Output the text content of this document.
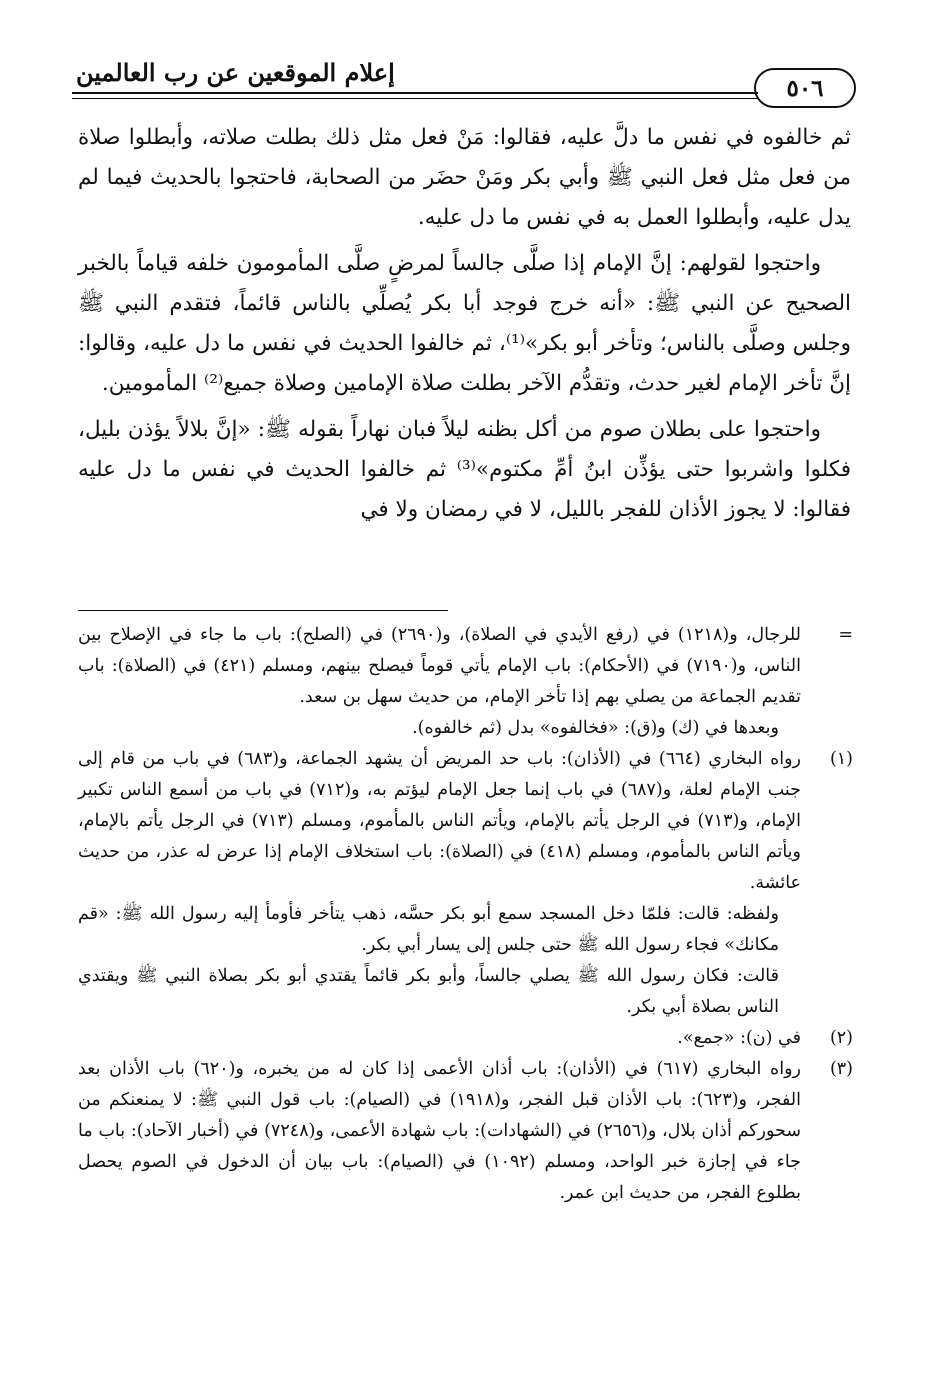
إعلام الموقعين عن رب العالمين
٥٠٦

ثم خالفوه في نفس ما دلَّ عليه، فقالوا: مَنْ فعل مثل ذلك بطلت صلاته، وأبطلوا صلاة من فعل مثل فعل النبي ﷺ وأبي بكر ومَنْ حضَر من الصحابة، فاحتجوا بالحديث فيما لم يدل عليه، وأبطلوا العمل به في نفس ما دل عليه.

واحتجوا لقولهم: إنَّ الإمام إذا صلَّى جالساً لمرضٍ صلَّى المأمومون خلفه قياماً بالخبر الصحيح عن النبي ﷺ: «أنه خرج فوجد أبا بكر يُصلِّي بالناس قائماً، فتقدم النبي ﷺ وجلس وصلَّى بالناس؛ وتأخر أبو بكر»⁽¹⁾، ثم خالفوا الحديث في نفس ما دل عليه، وقالوا: إنَّ تأخر الإمام لغير حدث، وتقدُّم الآخر بطلت صلاة الإمامين وصلاة جميع⁽²⁾ المأمومين.

واحتجوا على بطلان صوم من أكل بظنه ليلاً فبان نهاراً بقوله ﷺ: «إنَّ بلالاً يؤذن بليل، فكلوا واشربوا حتى يؤذِّن ابنُ أمِّ مكتوم»⁽³⁾ ثم خالفوا الحديث في نفس ما دل عليه فقالوا: لا يجوز الأذان للفجر بالليل، لا في رمضان ولا في

=
للرجال، و(١٢١٨) في (رفع الأيدي في الصلاة)، و(٢٦٩٠) في (الصلح): باب ما جاء في الإصلاح بين الناس، و(٧١٩٠) في (الأحكام): باب الإمام يأتي قوماً فيصلح بينهم، ومسلم (٤٢١) في (الصلاة): باب تقديم الجماعة من يصلي بهم إذا تأخر الإمام، من حديث سهل بن سعد.
وبعدها في (ك) و(ق): «فخالفوه» بدل (ثم خالفوه).
(١)
رواه البخاري (٦٦٤) في (الأذان): باب حد المريض أن يشهد الجماعة، و(٦٨٣) في باب من قام إلى جنب الإمام لعلة، و(٦٨٧) في باب إنما جعل الإمام ليؤتم به، و(٧١٢) في باب من أسمع الناس تكبير الإمام، و(٧١٣) في الرجل يأتم بالإمام، ويأتم الناس بالمأموم، ومسلم (٧١٣) في الرجل يأتم بالإمام، ويأتم الناس بالمأموم، ومسلم (٤١٨) في (الصلاة): باب استخلاف الإمام إذا عرض له عذر، من حديث عائشة.
ولفظه: قالت: فلمّا دخل المسجد سمع أبو بكر حسَّه، ذهب يتأخر فأومأ إليه رسول الله ﷺ: «قم مكانك» فجاء رسول الله ﷺ حتى جلس إلى يسار أبي بكر.
قالت: فكان رسول الله ﷺ يصلي جالساً، وأبو بكر قائماً يقتدي أبو بكر بصلاة النبي ﷺ ويقتدي الناس بصلاة أبي بكر.
(٢)
في (ن): «جمع».
(٣)
رواه البخاري (٦١٧) في (الأذان): باب أذان الأعمى إذا كان له من يخبره، و(٦٢٠) باب الأذان بعد الفجر، و(٦٢٣): باب الأذان قبل الفجر، و(١٩١٨) في (الصيام): باب قول النبي ﷺ: لا يمنعنكم من سحوركم أذان بلال، و(٢٦٥٦) في (الشهادات): باب شهادة الأعمى، و(٧٢٤٨) في (أخبار الآحاد): باب ما جاء في إجازة خبر الواحد، ومسلم (١٠٩٢) في (الصيام): باب بيان أن الدخول في الصوم يحصل بطلوع الفجر، من حديث ابن عمر.
